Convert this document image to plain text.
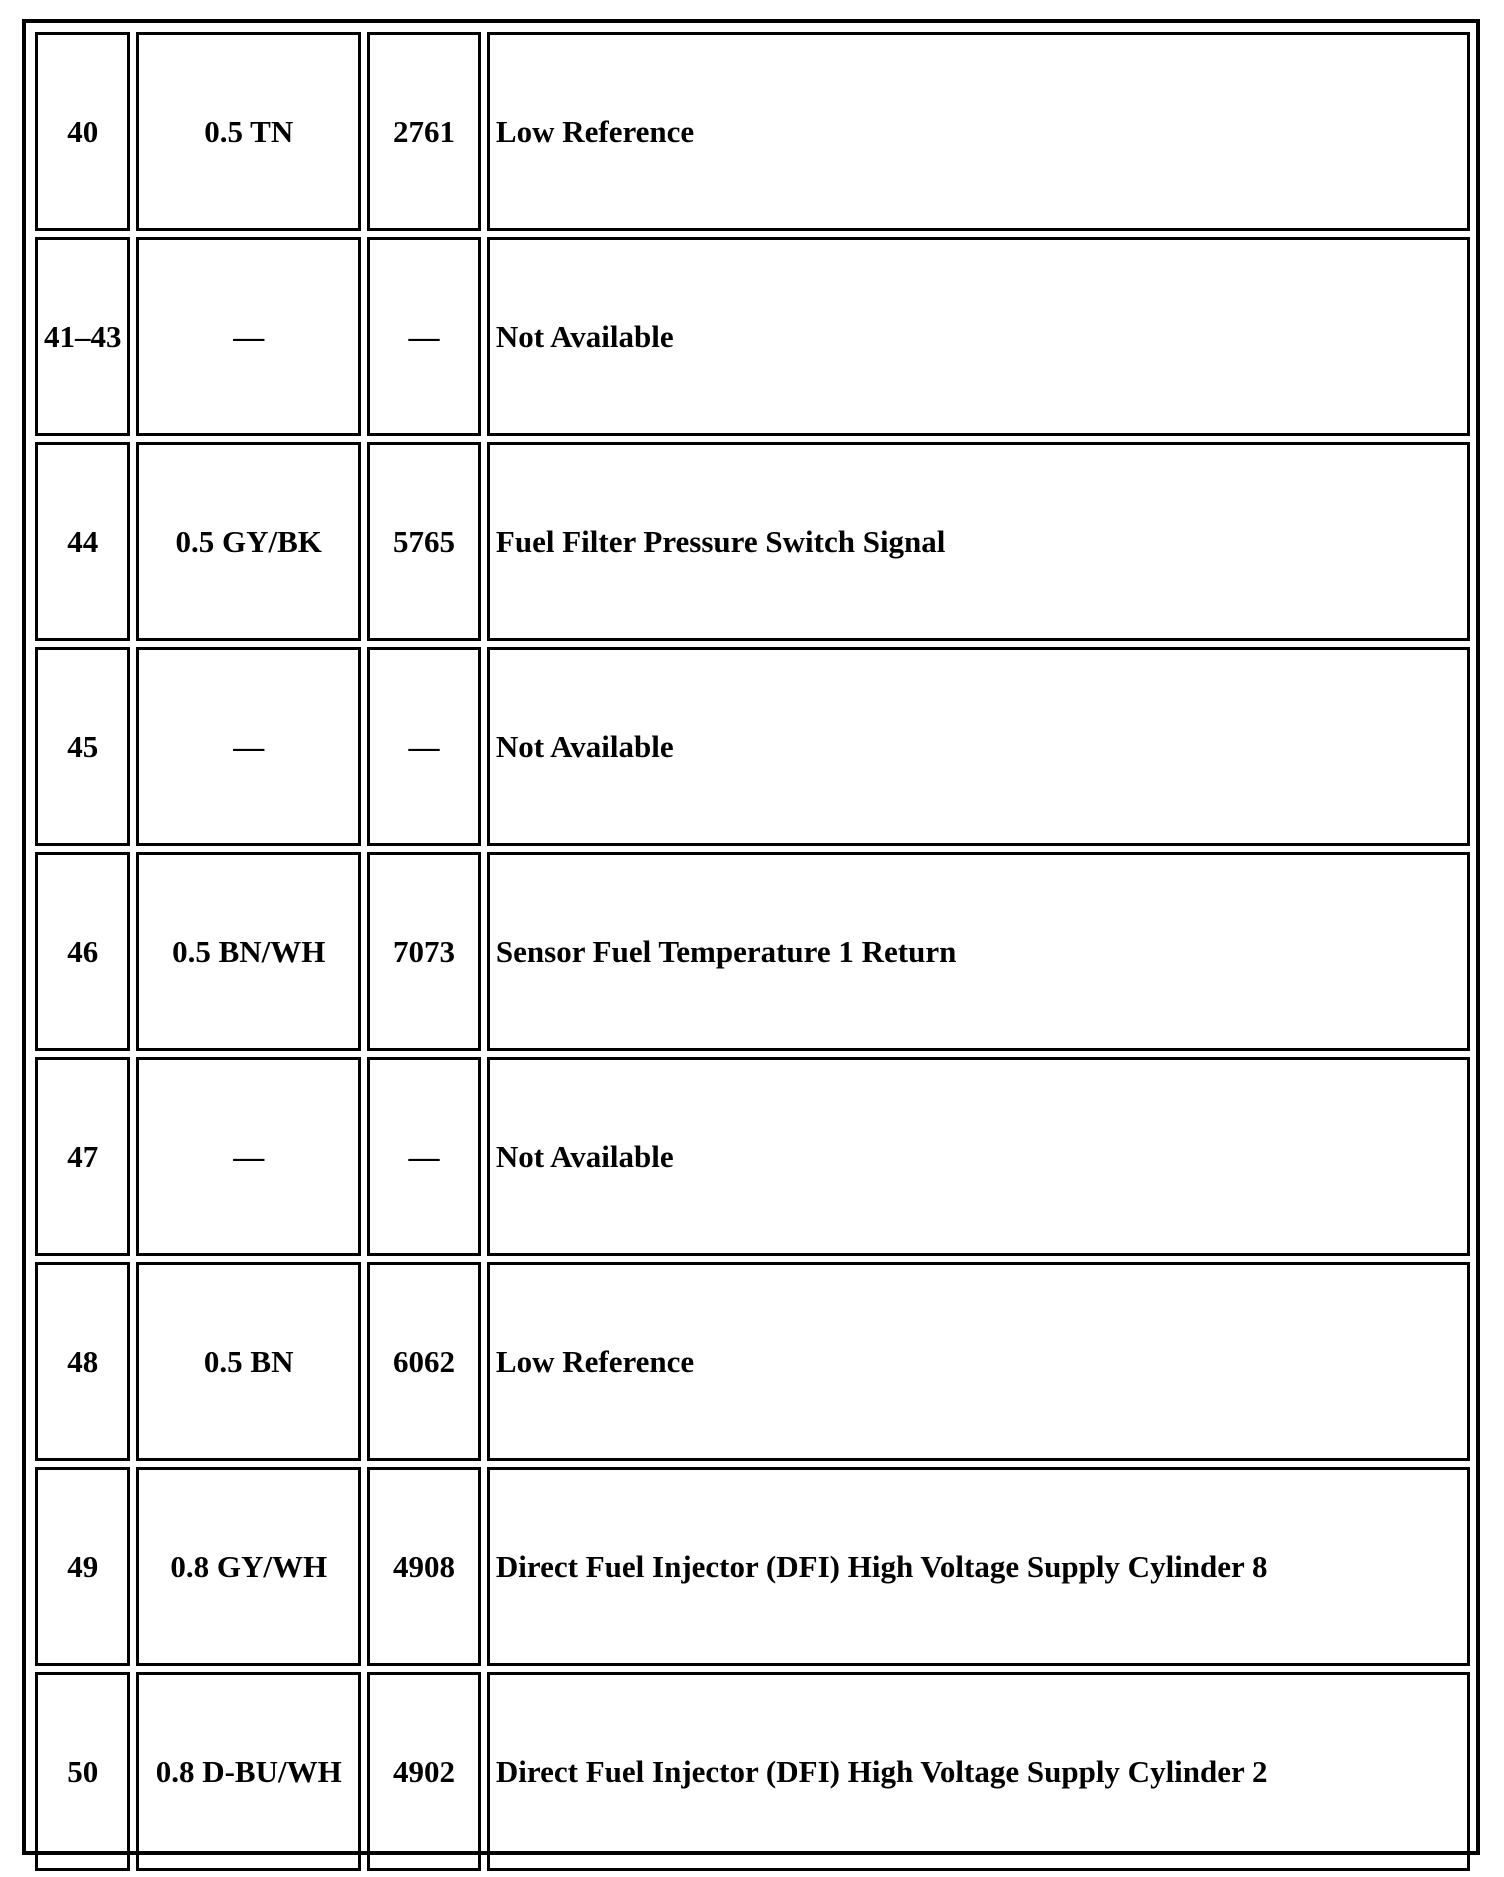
40	0.5 TN	2761	Low Reference
41–43	—	—	Not Available
44	0.5 GY/BK	5765	Fuel Filter Pressure Switch Signal
45	—	—	Not Available
46	0.5 BN/WH	7073	Sensor Fuel Temperature 1 Return
47	—	—	Not Available
48	0.5 BN	6062	Low Reference
49	0.8 GY/WH	4908	Direct Fuel Injector (DFI) High Voltage Supply Cylinder 8
50	0.8 D-BU/WH	4902	Direct Fuel Injector (DFI) High Voltage Supply Cylinder 2
